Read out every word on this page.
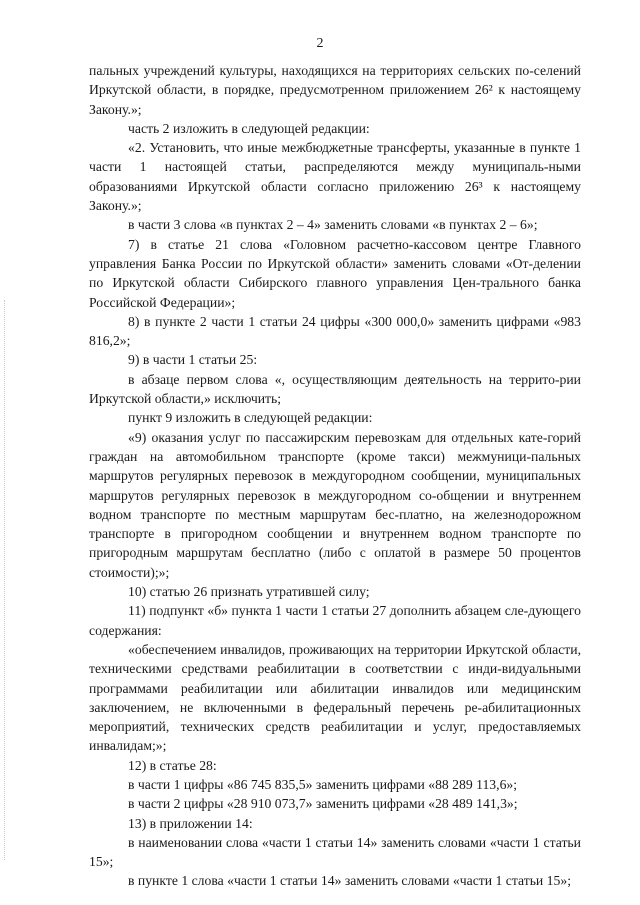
2

пальных учреждений культуры, находящихся на территориях сельских по-селений Иркутской области, в порядке, предусмотренном приложением 26² к настоящему Закону.»;

часть 2 изложить в следующей редакции:

«2. Установить, что иные межбюджетные трансферты, указанные в пункте 1 части 1 настоящей статьи, распределяются между муниципаль-ными образованиями Иркутской области согласно приложению 26³ к настоящему Закону.»;

в части 3 слова «в пунктах 2 – 4» заменить словами «в пунктах 2 – 6»;

7) в статье 21 слова «Головном расчетно-кассовом центре Главного управления Банка России по Иркутской области» заменить словами «От-делении по Иркутской области Сибирского главного управления Цен-трального банка Российской Федерации»;

8) в пункте 2 части 1 статьи 24 цифры «300 000,0» заменить цифрами «983 816,2»;

9) в части 1 статьи 25:

в абзаце первом слова «, осуществляющим деятельность на террито-рии Иркутской области,» исключить;

пункт 9 изложить в следующей редакции:

«9) оказания услуг по пассажирским перевозкам для отдельных кате-горий граждан на автомобильном транспорте (кроме такси) межмуници-пальных маршрутов регулярных перевозок в междугородном сообщении, муниципальных маршрутов регулярных перевозок в междугородном со-общении и внутреннем водном транспорте по местным маршрутам бес-платно, на железнодорожном транспорте в пригородном сообщении и внутреннем водном транспорте по пригородным маршрутам бесплатно (либо с оплатой в размере 50 процентов стоимости);»;

10) статью 26 признать утратившей силу;

11) подпункт «б» пункта 1 части 1 статьи 27 дополнить абзацем сле-дующего содержания:

«обеспечением инвалидов, проживающих на территории Иркутской области, техническими средствами реабилитации в соответствии с инди-видуальными программами реабилитации или абилитации инвалидов или медицинским заключением, не включенными в федеральный перечень ре-абилитационных мероприятий, технических средств реабилитации и услуг, предоставляемых инвалидам;»;

12) в статье 28:

в части 1 цифры «86 745 835,5» заменить цифрами «88 289 113,6»;

в части 2 цифры «28 910 073,7» заменить цифрами «28 489 141,3»;

13) в приложении 14:

в наименовании слова «части 1 статьи 14» заменить словами «части 1 статьи 15»;

в пункте 1 слова «части 1 статьи 14» заменить словами «части 1 статьи 15»;
